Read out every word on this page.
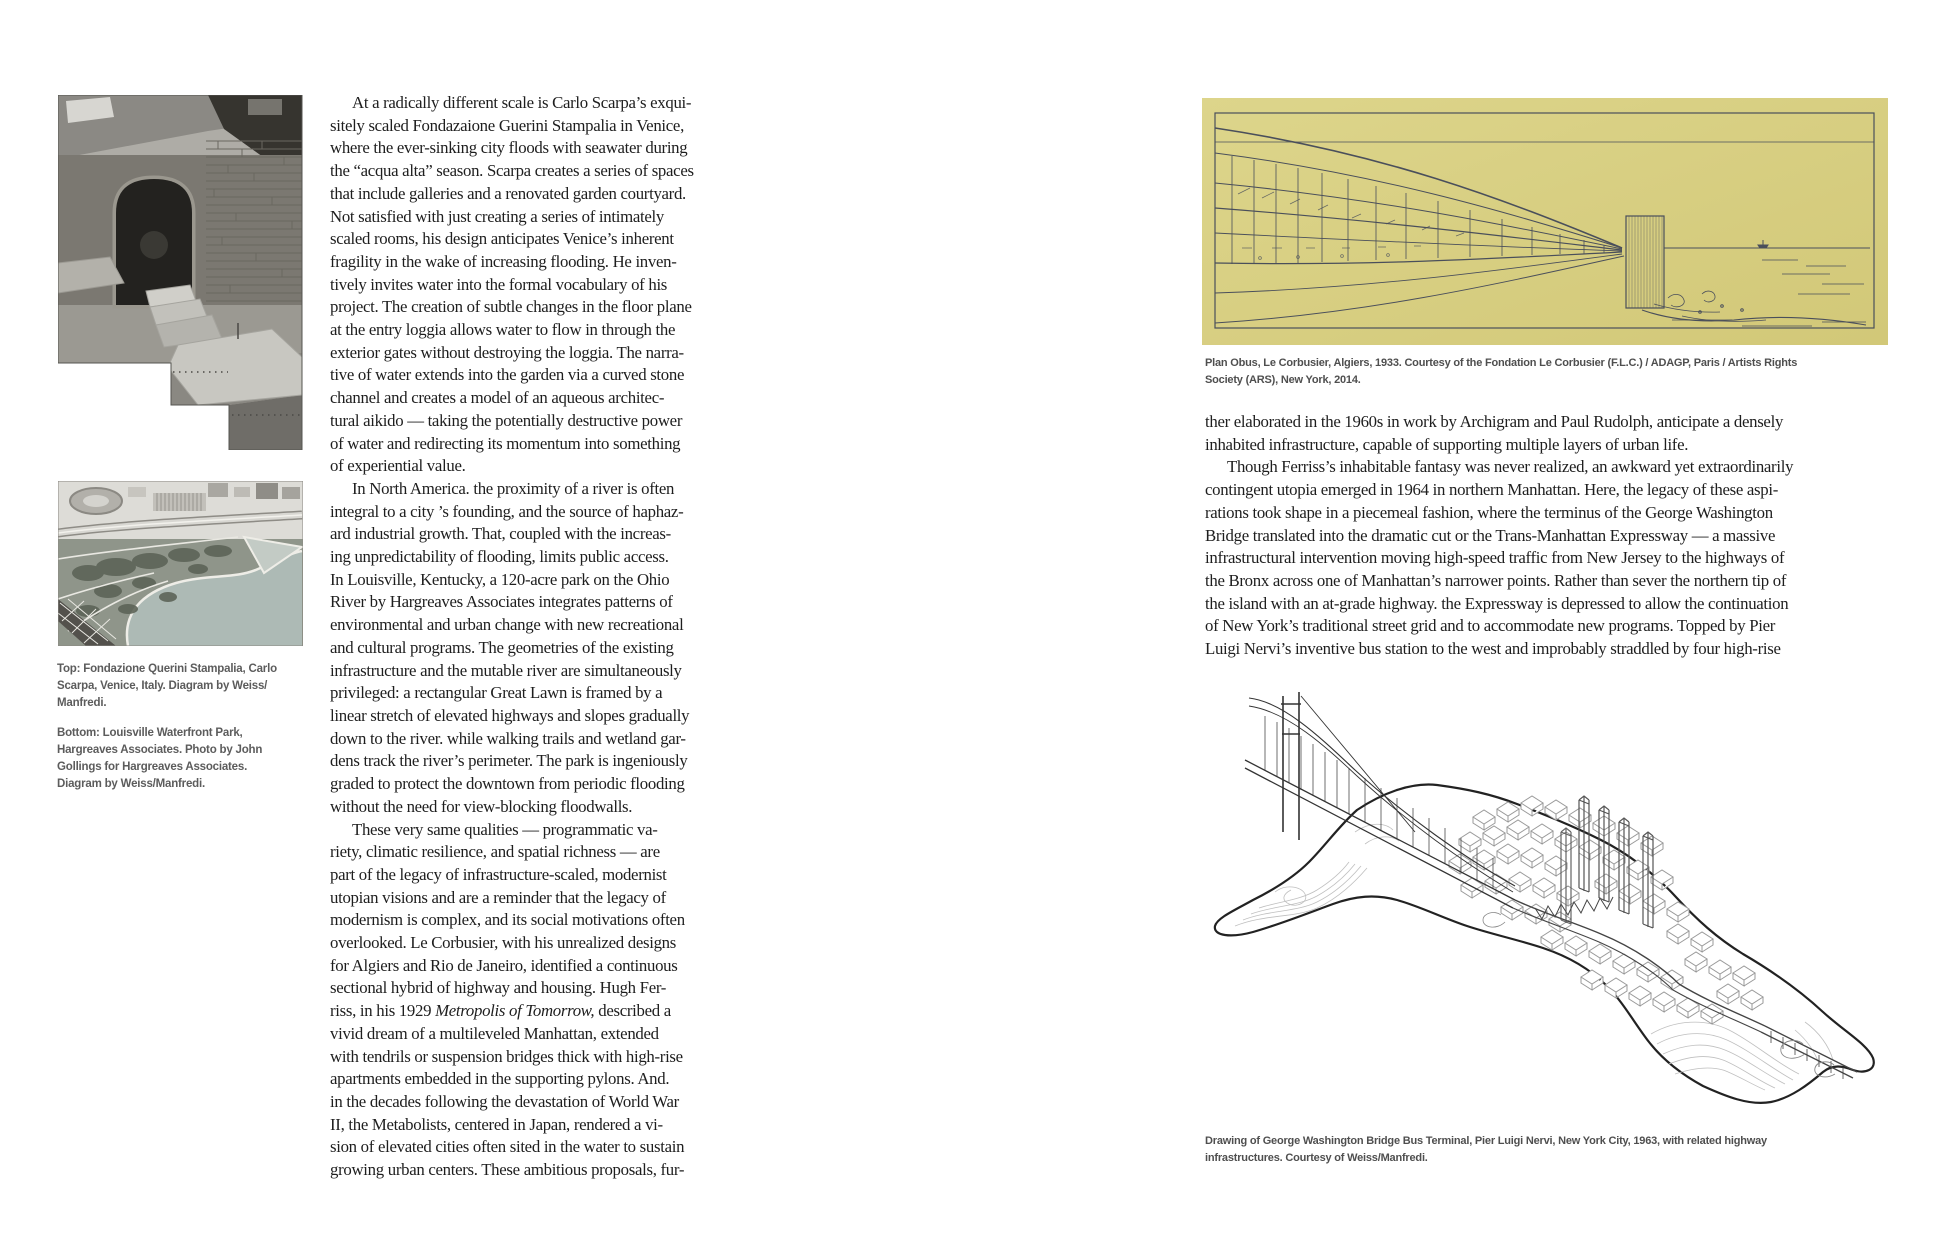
Top: Fondazione Querini Stampalia, Carlo
Scarpa, Venice, Italy. Diagram by Weiss/
Manfredi.
Bottom: Louisville Waterfront Park,
Hargreaves Associates. Photo by John
Gollings for Hargreaves Associates.
Diagram by Weiss/Manfredi.
At a radically different scale is Carlo Scarpa’s exqui-
sitely scaled Fondazaione Guerini Stampalia in Venice,
where the ever-sinking city floods with seawater during
the “acqua alta” season. Scarpa creates a series of spaces
that include galleries and a renovated garden courtyard.
Not satisfied with just creating a series of intimately
scaled rooms, his design anticipates Venice’s inherent
fragility in the wake of increasing flooding. He inven-
tively invites water into the formal vocabulary of his
project. The creation of subtle changes in the floor plane
at the entry loggia allows water to flow in through the
exterior gates without destroying the loggia. The narra-
tive of water extends into the garden via a curved stone
channel and creates a model of an aqueous architec-
tural aikido — taking the potentially destructive power
of water and redirecting its momentum into something
of experiential value.
In North America. the proximity of a river is often
integral to a city ’s founding, and the source of haphaz-
ard industrial growth. That, coupled with the increas-
ing unpredictability of flooding, limits public access.
In Louisville, Kentucky, a 120-acre park on the Ohio
River by Hargreaves Associates integrates patterns of
environmental and urban change with new recreational
and cultural programs. The geometries of the existing
infrastructure and the mutable river are simultaneously
privileged: a rectangular Great Lawn is framed by a
linear stretch of elevated highways and slopes gradually
down to the river. while walking trails and wetland gar-
dens track the river’s perimeter. The park is ingeniously
graded to protect the downtown from periodic flooding
without the need for view-blocking floodwalls.
These very same qualities — programmatic va-
riety, climatic resilience, and spatial richness — are
part of the legacy of infrastructure-scaled, modernist
utopian visions and are a reminder that the legacy of
modernism is complex, and its social motivations often
overlooked. Le Corbusier, with his unrealized designs
for Algiers and Rio de Janeiro, identified a continuous
sectional hybrid of highway and housing. Hugh Fer-
riss, in his 1929 Metropolis of Tomorrow, described a
vivid dream of a multileveled Manhattan, extended
with tendrils or suspension bridges thick with high-rise
apartments embedded in the supporting pylons. And.
in the decades following the devastation of World War
II, the Metabolists, centered in Japan, rendered a vi-
sion of elevated cities often sited in the water to sustain
growing urban centers. These ambitious proposals, fur-
Plan Obus, Le Corbusier, Algiers, 1933. Courtesy of the Fondation Le Corbusier (F.L.C.) / ADAGP, Paris / Artists Rights
Society (ARS), New York, 2014.
ther elaborated in the 1960s in work by Archigram and Paul Rudolph, anticipate a densely
inhabited infrastructure, capable of supporting multiple layers of urban life.
Though Ferriss’s inhabitable fantasy was never realized, an awkward yet extraordinarily
contingent utopia emerged in 1964 in northern Manhattan. Here, the legacy of these aspi-
rations took shape in a piecemeal fashion, where the terminus of the George Washington
Bridge translated into the dramatic cut or the Trans-Manhattan Expressway — a massive
infrastructural intervention moving high-speed traffic from New Jersey to the highways of
the Bronx across one of Manhattan’s narrower points. Rather than sever the northern tip of
the island with an at-grade highway. the Expressway is depressed to allow the continuation
of New York’s traditional street grid and to accommodate new programs. Topped by Pier
Luigi Nervi’s inventive bus station to the west and improbably straddled by four high-rise
Drawing of George Washington Bridge Bus Terminal, Pier Luigi Nervi, New York City, 1963, with related highway
infrastructures. Courtesy of Weiss/Manfredi.
